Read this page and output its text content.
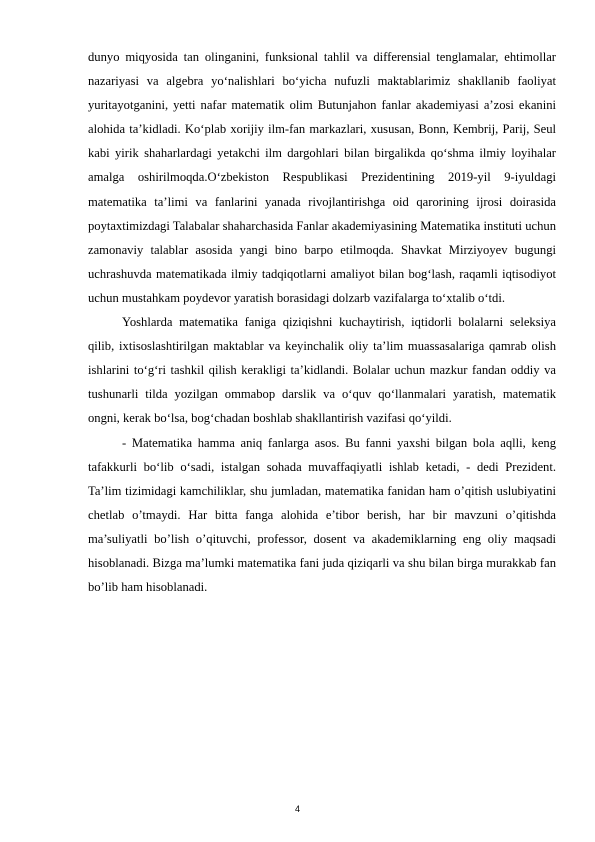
dunyo miqyosida tan olinganini, funksional tahlil va differensial tenglamalar, ehtimollar nazariyasi va algebra yoʻnalishlari boʻyicha nufuzli maktablarimiz shakllanib faoliyat yuritayotganini, yetti nafar matematik olim Butunjahon fanlar akademiyasi aʼzosi ekanini alohida taʼkidladi. Koʻplab xorijiy ilm-fan markazlari, xususan, Bonn, Kembrij, Parij, Seul kabi yirik shaharlardagi yetakchi ilm dargohlari bilan birgalikda qoʻshma ilmiy loyihalar amalga oshirilmoqda.Oʻzbekiston Respublikasi Prezidentining 2019-yil 9-iyuldagi matematika taʼlimi va fanlarini yanada rivojlantirishga oid qarorining ijrosi doirasida poytaxtimizdagi Talabalar shaharchasida Fanlar akademiyasining Matematika instituti uchun zamonaviy talablar asosida yangi bino barpo etilmoqda. Shavkat Mirziyoyev bugungi uchrashuvda matematikada ilmiy tadqiqotlarni amaliyot bilan bogʻlash, raqamli iqtisodiyot uchun mustahkam poydevor yaratish borasidagi dolzarb vazifalarga toʻxtalib oʻtdi.

Yoshlarda matematika faniga qiziqishni kuchaytirish, iqtidorli bolalarni seleksiya qilib, ixtisoslashtirilgan maktablar va keyinchalik oliy taʼlim muassasalariga qamrab olish ishlarini toʻgʻri tashkil qilish kerakligi taʼkidlandi. Bolalar uchun mazkur fandan oddiy va tushunarli tilda yozilgan ommabop darslik va oʻquv qoʻllanmalari yaratish, matematik ongni, kerak boʻlsa, bogʻchadan boshlab shakllantirish vazifasi qoʻyildi.

- Matematika hamma aniq fanlarga asos. Bu fanni yaxshi bilgan bola aqlli, keng tafakkurli boʻlib oʻsadi, istalgan sohada muvaffaqiyatli ishlab ketadi, - dedi Prezident. Ta’lim tizimidagi kamchiliklar, shu jumladan, matematika fanidan ham o’qitish uslubiyatini chetlab o’tmaydi. Har bitta fanga alohida e’tibor berish, har bir mavzuni o’qitishda ma’suliyatli bo’lish o’qituvchi, professor, dosent va akademiklarning eng oliy maqsadi hisoblanadi. Bizga ma’lumki matematika fani juda qiziqarli va shu bilan birga murakkab fan bo’lib ham hisoblanadi.

4
